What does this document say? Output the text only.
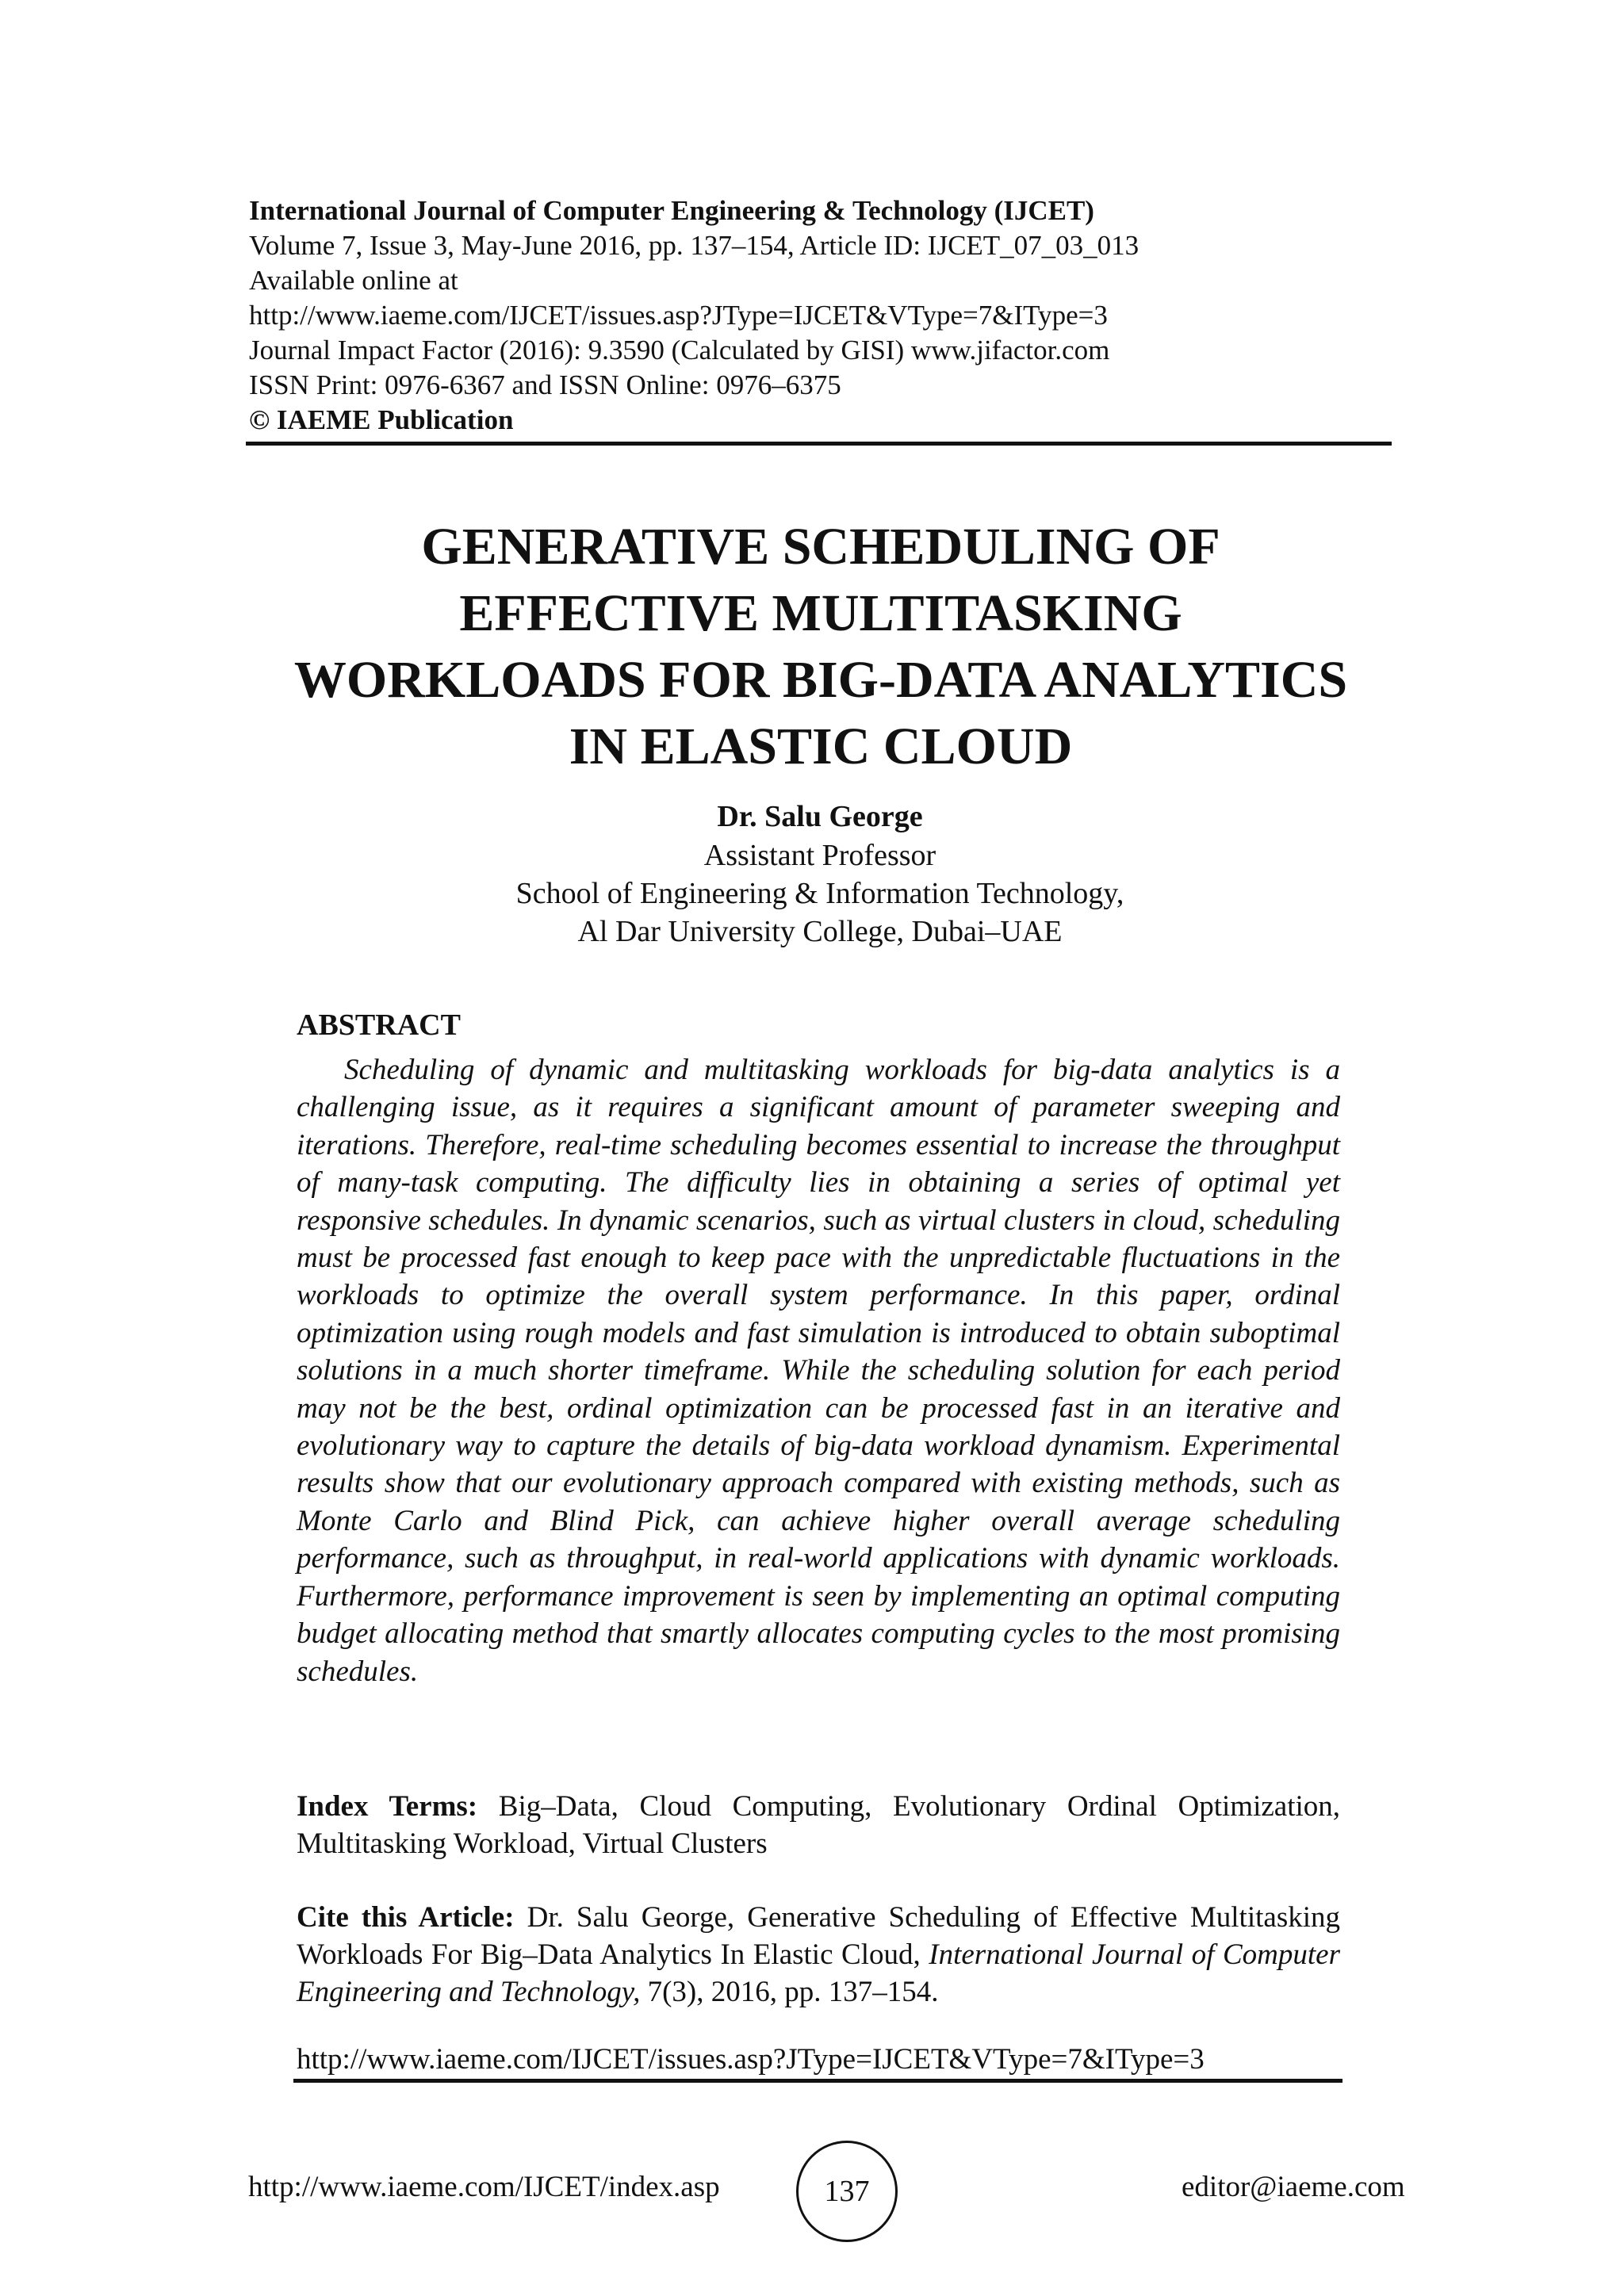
International Journal of Computer Engineering & Technology (IJCET)
Volume 7, Issue 3, May-June 2016, pp. 137–154, Article ID: IJCET_07_03_013
Available online at
http://www.iaeme.com/IJCET/issues.asp?JType=IJCET&VType=7&IType=3
Journal Impact Factor (2016): 9.3590 (Calculated by GISI) www.jifactor.com
ISSN Print: 0976-6367 and ISSN Online: 0976–6375
© IAEME Publication
GENERATIVE SCHEDULING OF
EFFECTIVE MULTITASKING
WORKLOADS FOR BIG-DATA ANALYTICS
IN ELASTIC CLOUD
Dr. Salu George
Assistant Professor
School of Engineering & Information Technology,
Al Dar University College, Dubai–UAE
ABSTRACT
Scheduling of dynamic and multitasking workloads for big-data analytics is a challenging issue, as it requires a significant amount of parameter sweeping and iterations. Therefore, real-time scheduling becomes essential to increase the throughput of many-task computing. The difficulty lies in obtaining a series of optimal yet responsive schedules. In dynamic scenarios, such as virtual clusters in cloud, scheduling must be processed fast enough to keep pace with the unpredictable fluctuations in the workloads to optimize the overall system performance. In this paper, ordinal optimization using rough models and fast simulation is introduced to obtain suboptimal solutions in a much shorter timeframe. While the scheduling solution for each period may not be the best, ordinal optimization can be processed fast in an iterative and evolutionary way to capture the details of big-data workload dynamism. Experimental results show that our evolutionary approach compared with existing methods, such as Monte Carlo and Blind Pick, can achieve higher overall average scheduling performance, such as throughput, in real-world applications with dynamic workloads. Furthermore, performance improvement is seen by implementing an optimal computing budget allocating method that smartly allocates computing cycles to the most promising schedules.
Index Terms: Big–Data, Cloud Computing, Evolutionary Ordinal Optimization, Multitasking Workload, Virtual Clusters
Cite this Article: Dr. Salu George, Generative Scheduling of Effective Multitasking Workloads For Big–Data Analytics In Elastic Cloud, International Journal of Computer Engineering and Technology, 7(3), 2016, pp. 137–154.
http://www.iaeme.com/IJCET/issues.asp?JType=IJCET&VType=7&IType=3
http://www.iaeme.com/IJCET/index.asp	137	editor@iaeme.com
